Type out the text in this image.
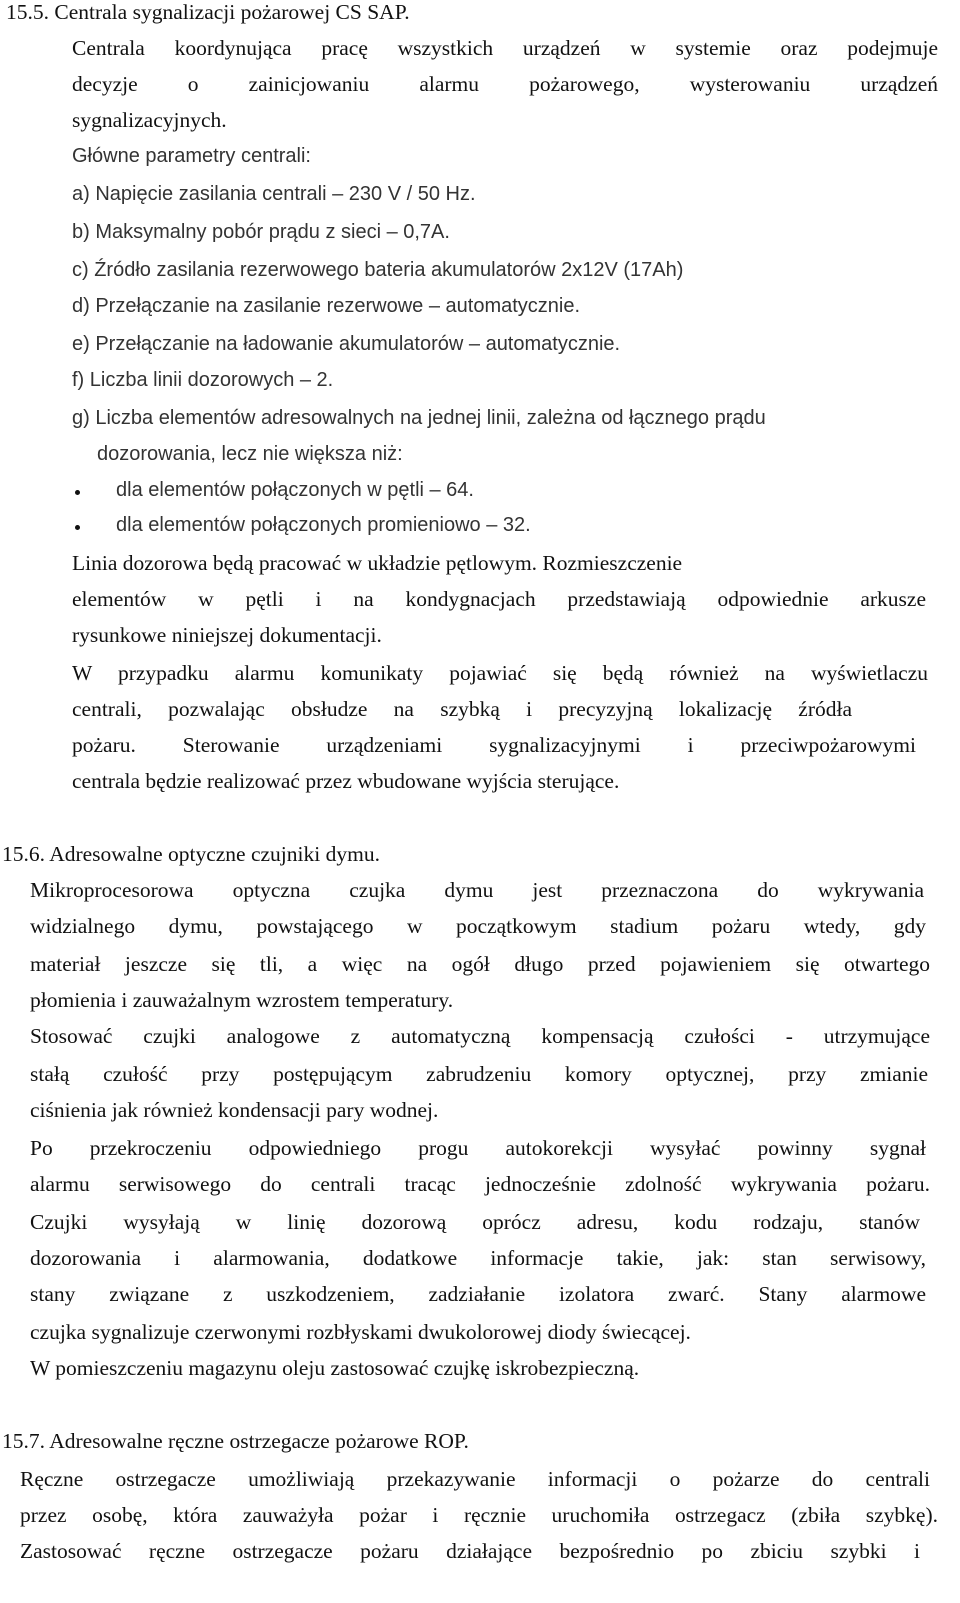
15.5. Centrala sygnalizacji pożarowej CS SAP.
Centrala koordynująca pracę wszystkich urządzeń w systemie oraz podejmuje
decyzje o zainicjowaniu alarmu pożarowego, wysterowaniu urządzeń
sygnalizacyjnych.
Główne parametry centrali:
a) Napięcie zasilania centrali – 230 V / 50 Hz.
b) Maksymalny pobór prądu z sieci – 0,7A.
c) Źródło zasilania rezerwowego bateria akumulatorów 2x12V (17Ah)
d) Przełączanie na zasilanie rezerwowe – automatycznie.
e) Przełączanie na ładowanie akumulatorów – automatycznie.
f) Liczba linii dozorowych – 2.
g) Liczba elementów adresowalnych na jednej linii, zależna od łącznego prądu
dozorowania, lecz nie większa niż:
dla elementów połączonych w pętli – 64.
dla elementów połączonych promieniowo – 32.
Linia dozorowa będą pracować w układzie pętlowym. Rozmieszczenie
elementów w pętli i na kondygnacjach przedstawiają odpowiednie arkusze
rysunkowe niniejszej dokumentacji.
W przypadku alarmu komunikaty pojawiać się będą również na wyświetlaczu
centrali, pozwalając obsłudze na szybką i precyzyjną lokalizację źródła
pożaru. Sterowanie urządzeniami sygnalizacyjnymi i przeciwpożarowymi
centrala będzie realizować przez wbudowane wyjścia sterujące.
15.6. Adresowalne optyczne czujniki dymu.
Mikroprocesorowa optyczna czujka dymu jest przeznaczona do wykrywania
widzialnego dymu, powstającego w początkowym stadium pożaru wtedy, gdy
materiał jeszcze się tli, a więc na ogół długo przed pojawieniem się otwartego
płomienia i zauważalnym wzrostem temperatury.
Stosować czujki analogowe z automatyczną kompensacją czułości - utrzymujące
stałą czułość przy postępującym zabrudzeniu komory optycznej, przy zmianie
ciśnienia jak również kondensacji pary wodnej.
Po przekroczeniu odpowiedniego progu autokorekcji wysyłać powinny sygnał
alarmu serwisowego do centrali tracąc jednocześnie zdolność wykrywania pożaru.
Czujki wysyłają w linię dozorową oprócz adresu, kodu rodzaju, stanów
dozorowania i alarmowania, dodatkowe informacje takie, jak: stan serwisowy,
stany związane z uszkodzeniem, zadziałanie izolatora zwarć. Stany alarmowe
czujka sygnalizuje czerwonymi rozbłyskami dwukolorowej diody świecącej.
W pomieszczeniu magazynu oleju zastosować czujkę iskrobezpieczną.
15.7. Adresowalne ręczne ostrzegacze pożarowe ROP.
Ręczne ostrzegacze umożliwiają przekazywanie informacji o pożarze do centrali
przez osobę, która zauważyła pożar i ręcznie uruchomiła ostrzegacz (zbiła szybkę).
Zastosować ręczne ostrzegacze pożaru działające bezpośrednio po zbiciu szybki i
